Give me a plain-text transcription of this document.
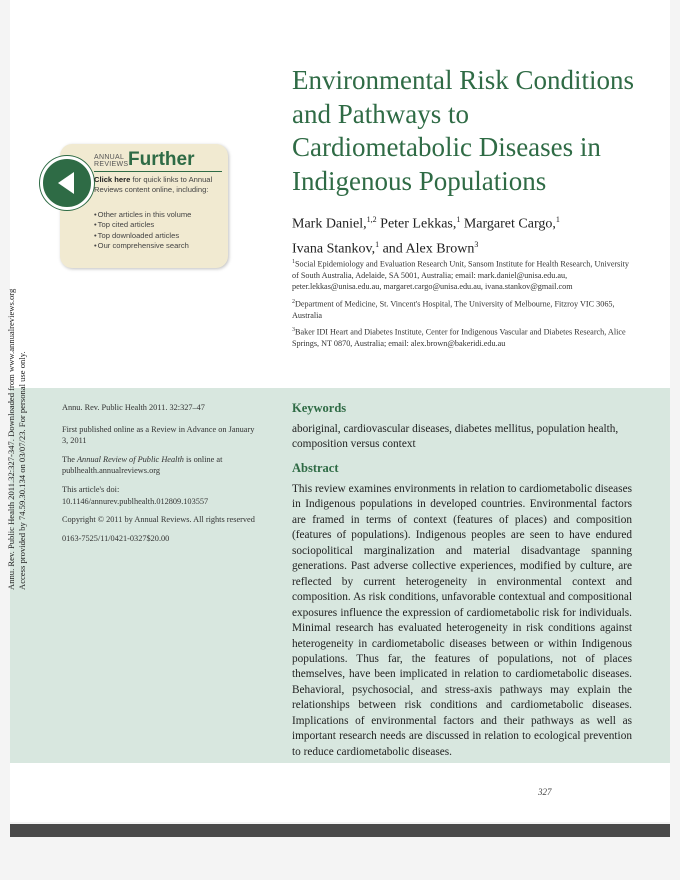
Annu. Rev. Public Health 2011.32:327-347. Downloaded from www.annualreviews.org Access provided by 74.59.30.134 on 03/07/23. For personal use only.
ANNUAL
REVIEWS Further
Click here for quick links to Annual Reviews content online, including:
• Other articles in this volume
• Top cited articles
• Top downloaded articles
• Our comprehensive search
Environmental Risk Conditions and Pathways to Cardiometabolic Diseases in Indigenous Populations
Mark Daniel,$^{1,2}$ Peter Lekkas,$^1$ Margaret Cargo,$^1$
Ivana Stankov,$^1$ and Alex Brown$^3$

$^1$Social Epidemiology and Evaluation Research Unit, Sansom Institute for Health Research, University of South Australia, Adelaide, SA 5001, Australia; email: mark.daniel@unisa.edu.au, peter.lekkas@unisa.edu.au, margaret.cargo@unisa.edu.au, ivana.stankov@gmail.com

$^2$Department of Medicine, St. Vincent's Hospital, The University of Melbourne, Fitzroy VIC 3065, Australia

$^3$Baker IDI Heart and Diabetes Institute, Center for Indigenous Vascular and Diabetes Research, Alice Springs, NT 0870, Australia; email: alex.brown@bakeridi.edu.au

Annu. Rev. Public Health 2011. 32:327–47

First published online as a Review in Advance on January 3, 2011

The Annual Review of Public Health is online at publhealth.annualreviews.org

This article's doi: 10.1146/annurev.publhealth.012809.103557

Copyright © 2011 by Annual Reviews. All rights reserved

0163-7525/11/0421-0327$20.00

Keywords
aboriginal, cardiovascular diseases, diabetes mellitus, population health, composition versus context
Abstract

This review examines environments in relation to cardiometabolic diseases in Indigenous populations in developed countries. Environmental factors are framed in terms of context (features of places) and composition (features of populations). Indigenous peoples are seen to have endured sociopolitical marginalization and material disadvantage spanning generations. Past adverse collective experiences, modified by culture, are reflected by current heterogeneity in environmental context and composition. As risk conditions, unfavorable contextual and compositional exposures influence the expression of cardiometabolic risk for individuals. Minimal research has evaluated heterogeneity in risk conditions against heterogeneity in cardiometabolic diseases between or within Indigenous populations. Thus far, the features of populations, not of places themselves, have been implicated in relation to cardiometabolic diseases. Behavioral, psychosocial, and stress-axis pathways may explain the relationships between risk conditions and cardiometabolic diseases. Implications of environmental factors and their pathways as well as important research needs are discussed in relation to ecological prevention to reduce cardiometabolic diseases.

327
